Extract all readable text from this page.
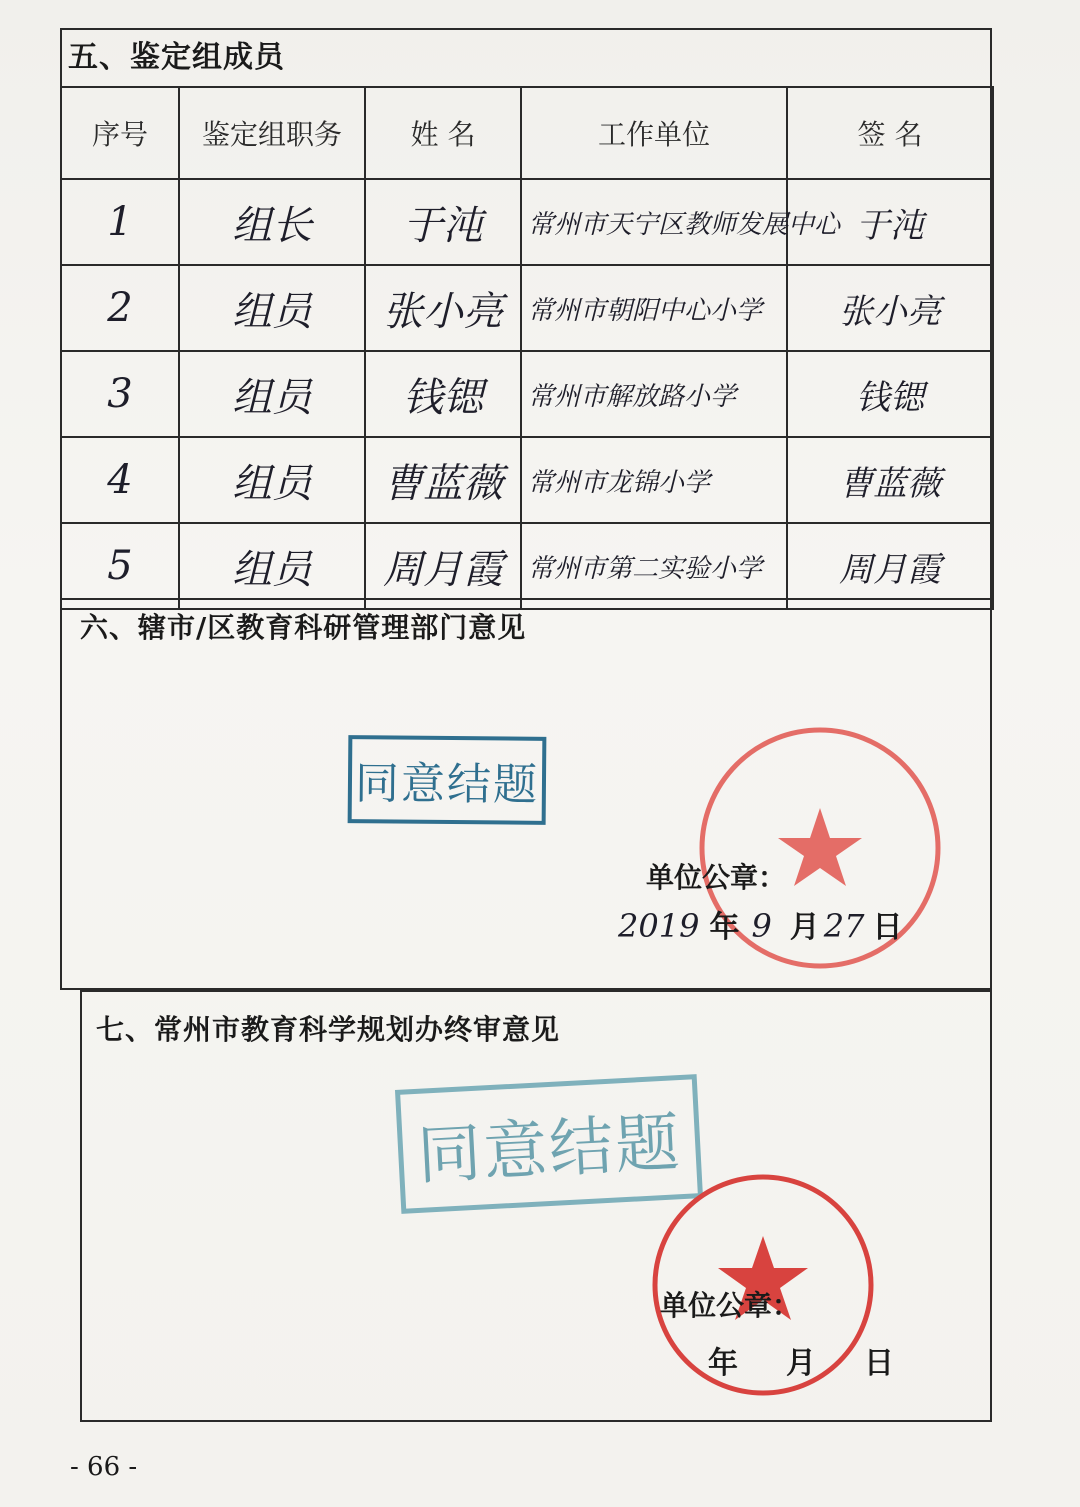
五、鉴定组成员
序号	鉴定组职务	姓 名	工作单位	签 名
1	组长	于沌	常州市天宁区教师发展中心	于沌
2	组员	张小亮	常州市朝阳中心小学	张小亮
3	组员	钱锶	常州市解放路小学	钱锶
4	组员	曹蓝薇	常州市龙锦小学	曹蓝薇
5	组员	周月霞	常州市第二实验小学	周月霞
六、辖市/区教育科研管理部门意见
同意结题
单位公章：
2019 年 9 月 27 日
七、常州市教育科学规划办终审意见
同意结题
单位公章：
年 月 日
- 66 -
